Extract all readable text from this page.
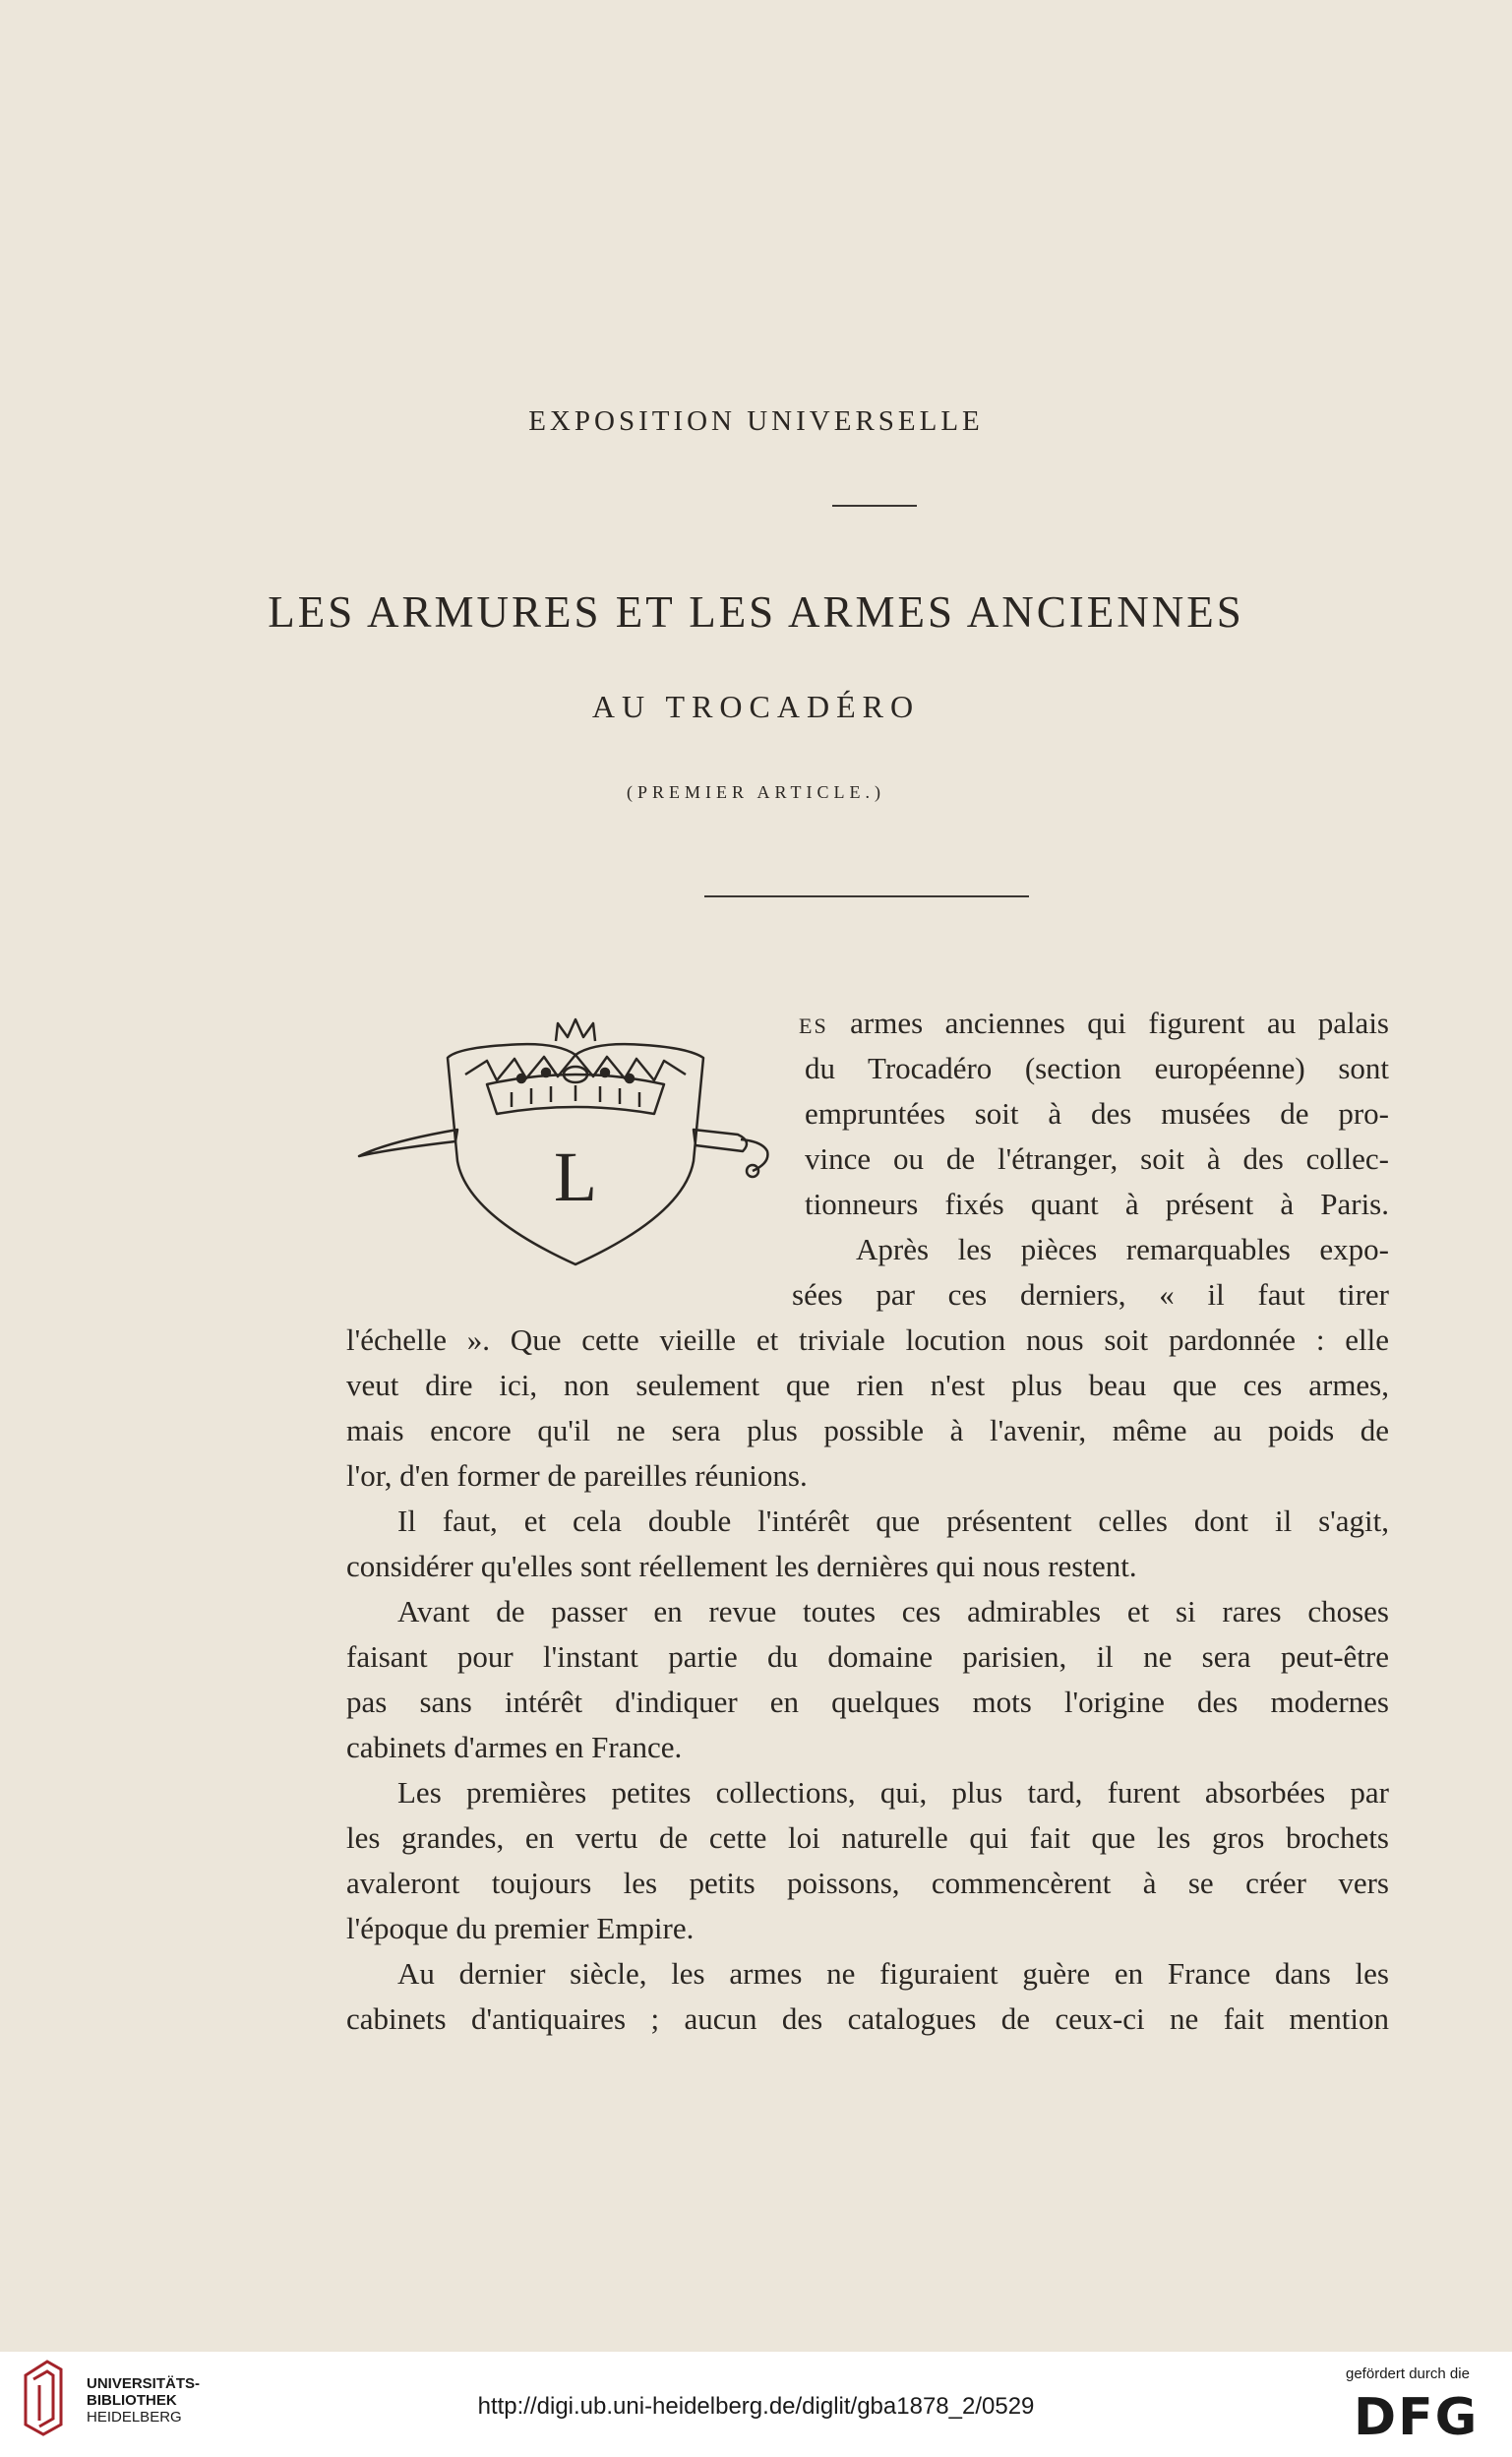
EXPOSITION UNIVERSELLE
LES ARMURES ET LES ARMES ANCIENNES
AU TROCADÉRO
(PREMIER ARTICLE.)
L
ES armes anciennes qui figurent au palais
du Trocadéro (section européenne) sont
empruntées soit à des musées de pro-
vince ou de l'étranger, soit à des collec-
tionneurs fixés quant à présent à Paris.
Après les pièces remarquables expo-
sées par ces derniers, « il faut tirer
l'échelle ». Que cette vieille et triviale locution nous soit pardonnée : elle
veut dire ici, non seulement que rien n'est plus beau que ces armes,
mais encore qu'il ne sera plus possible à l'avenir, même au poids de
l'or, d'en former de pareilles réunions.
Il faut, et cela double l'intérêt que présentent celles dont il s'agit,
considérer qu'elles sont réellement les dernières qui nous restent.
Avant de passer en revue toutes ces admirables et si rares choses
faisant pour l'instant partie du domaine parisien, il ne sera peut-être
pas sans intérêt d'indiquer en quelques mots l'origine des modernes
cabinets d'armes en France.
Les premières petites collections, qui, plus tard, furent absorbées par
les grandes, en vertu de cette loi naturelle qui fait que les gros brochets
avaleront toujours les petits poissons, commencèrent à se créer vers
l'époque du premier Empire.
Au dernier siècle, les armes ne figuraient guère en France dans les
cabinets d'antiquaires ; aucun des catalogues de ceux-ci ne fait mention
UNIVERSITÄTS-
BIBLIOTHEK
HEIDELBERG	http://digi.ub.uni-heidelberg.de/diglit/gba1878_2/0529
gefördert durch die
DFG
